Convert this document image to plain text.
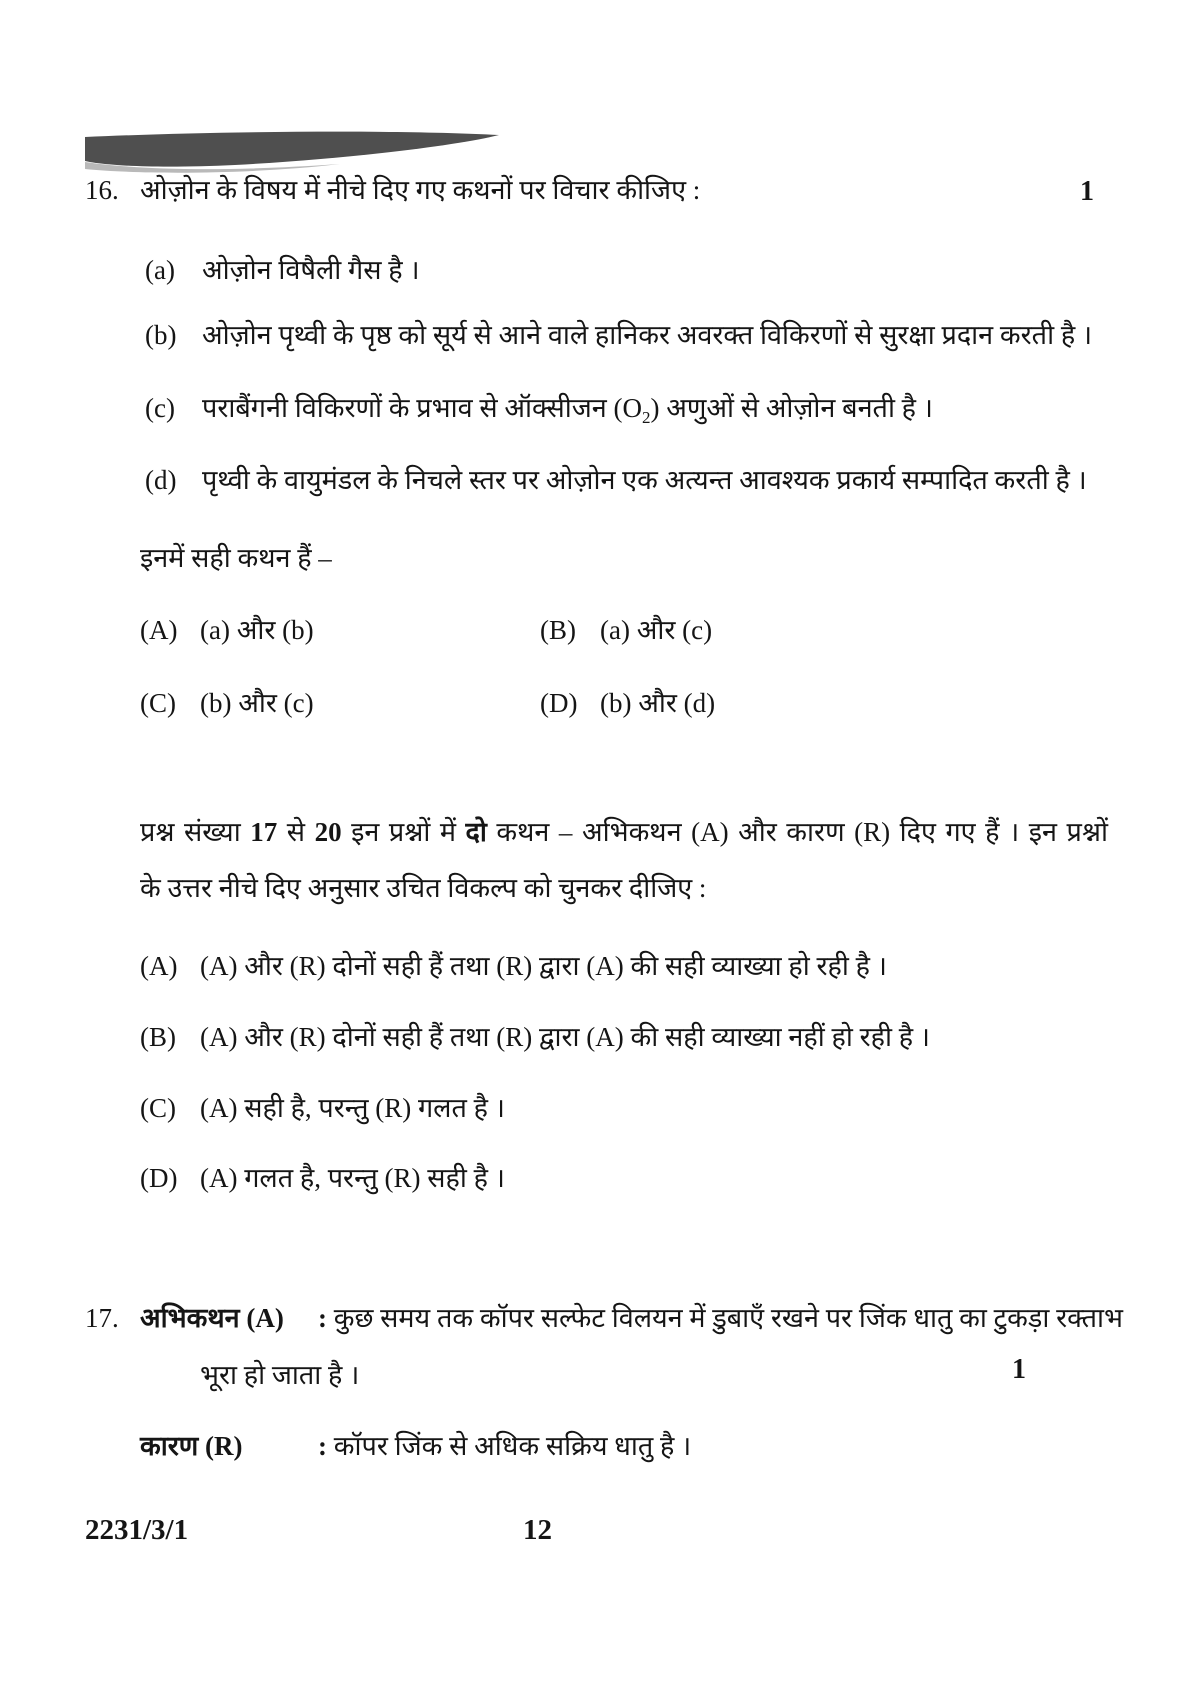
16. ओज़ोन के विषय में नीचे दिए गए कथनों पर विचार कीजिए :	1
(a) ओज़ोन विषैली गैस है ।
(b) ओज़ोन पृथ्वी के पृष्ठ को सूर्य से आने वाले हानिकर अवरक्त विकिरणों से सुरक्षा प्रदान करती है ।
(c) पराबैंगनी विकिरणों के प्रभाव से ऑक्सीजन $(O_2)$ अणुओं से ओज़ोन बनती है ।
(d) पृथ्वी के वायुमंडल के निचले स्तर पर ओज़ोन एक अत्यन्त आवश्यक प्रकार्य सम्पादित करती है ।
इनमें सही कथन हैं –
(A) (a) और (b)	(B) (a) और (c)
(C) (b) और (c)	(D) (b) और (d)
प्रश्न संख्या 17 से 20 इन प्रश्नों में दो कथन – अभिकथन (A) और कारण (R) दिए गए हैं । इन प्रश्नों
के उत्तर नीचे दिए अनुसार उचित विकल्प को चुनकर दीजिए :
(A) (A) और (R) दोनों सही हैं तथा (R) द्वारा (A) की सही व्याख्या हो रही है ।
(B) (A) और (R) दोनों सही हैं तथा (R) द्वारा (A) की सही व्याख्या नहीं हो रही है ।
(C) (A) सही है, परन्तु (R) गलत है ।
(D) (A) गलत है, परन्तु (R) सही है ।
17. अभिकथन (A) : कुछ समय तक कॉपर सल्फेट विलयन में डुबाएँ रखने पर जिंक धातु का टुकड़ा रक्ताभ
भूरा हो जाता है ।	1
कारण (R)	: कॉपर जिंक से अधिक सक्रिय धातु है ।
2231/3/1	12
